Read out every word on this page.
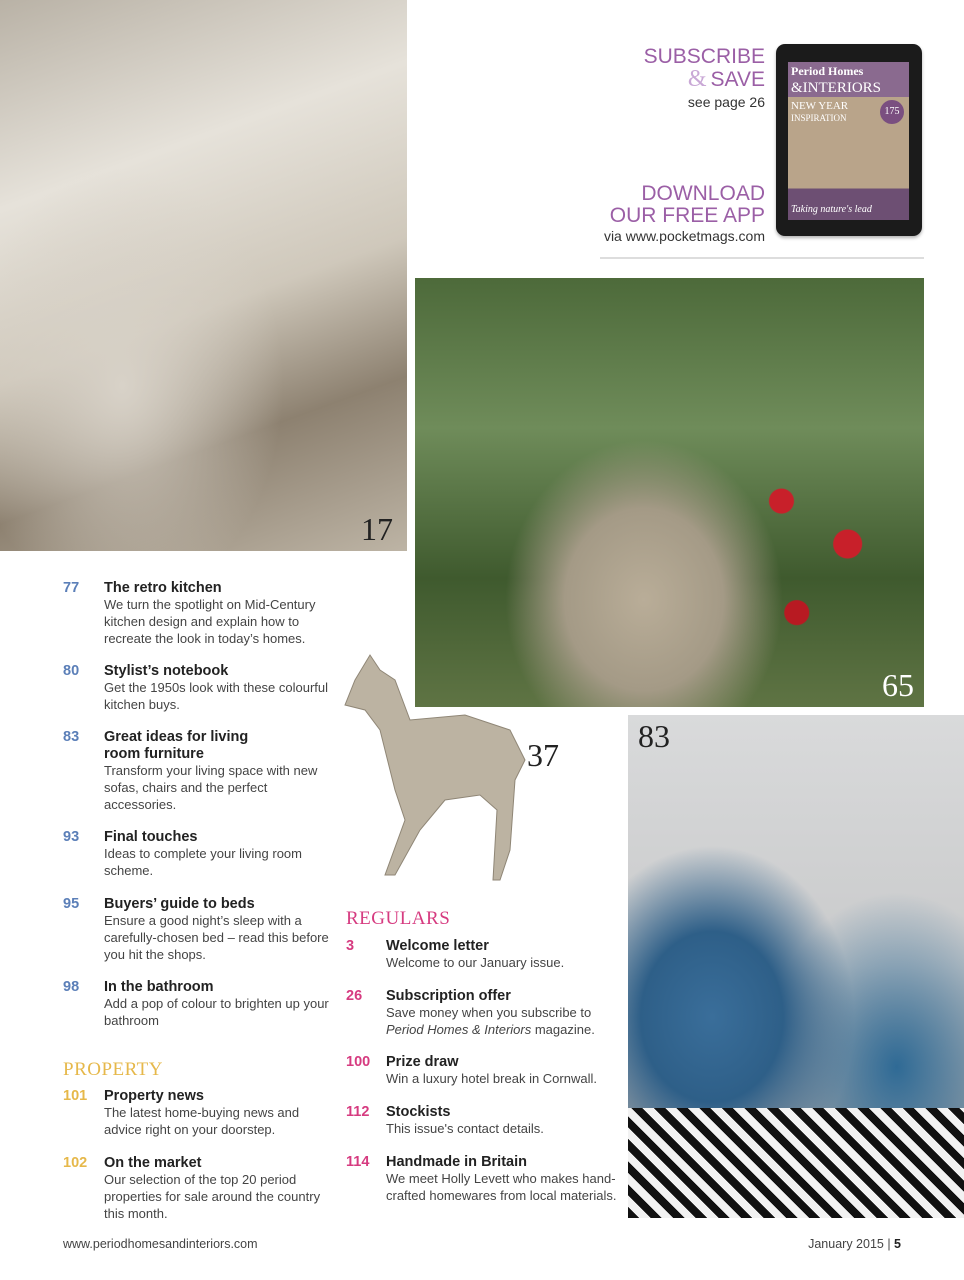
17
65
83
37
SUBSCRIBE
& SAVE
see page 26
DOWNLOAD
OUR FREE APP
via www.pocketmags.com
Period Homes
&INTERIORS
NEW YEAR
INSPIRATION
175
Taking nature's lead
PROPERTY
REGULARS
www.periodhomesandinteriors.com	January 2015 | 5
77 The retro kitchen
We turn the spotlight on Mid-Century kitchen design and explain how to recreate the look in today’s homes.
80 Stylist’s notebook
Get the 1950s look with these colourful kitchen buys.
83 Great ideas for living room furniture
Transform your living space with new sofas, chairs and the perfect accessories.
93 Final touches
Ideas to complete your living room scheme.
95 Buyers’ guide to beds
Ensure a good night’s sleep with a carefully-chosen bed – read this before you hit the shops.
98 In the bathroom
Add a pop of colour to brighten up your bathroom
101 Property news
The latest home-buying news and advice right on your doorstep.
102 On the market
Our selection of the top 20 period properties for sale around the country this month.
3 Welcome letter
Welcome to our January issue.
26 Subscription offer
Save money when you subscribe to Period Homes & Interiors magazine.
100 Prize draw
Win a luxury hotel break in Cornwall.
112 Stockists
This issue's contact details.
114 Handmade in Britain
We meet Holly Levett who makes hand-crafted homewares from local materials.
